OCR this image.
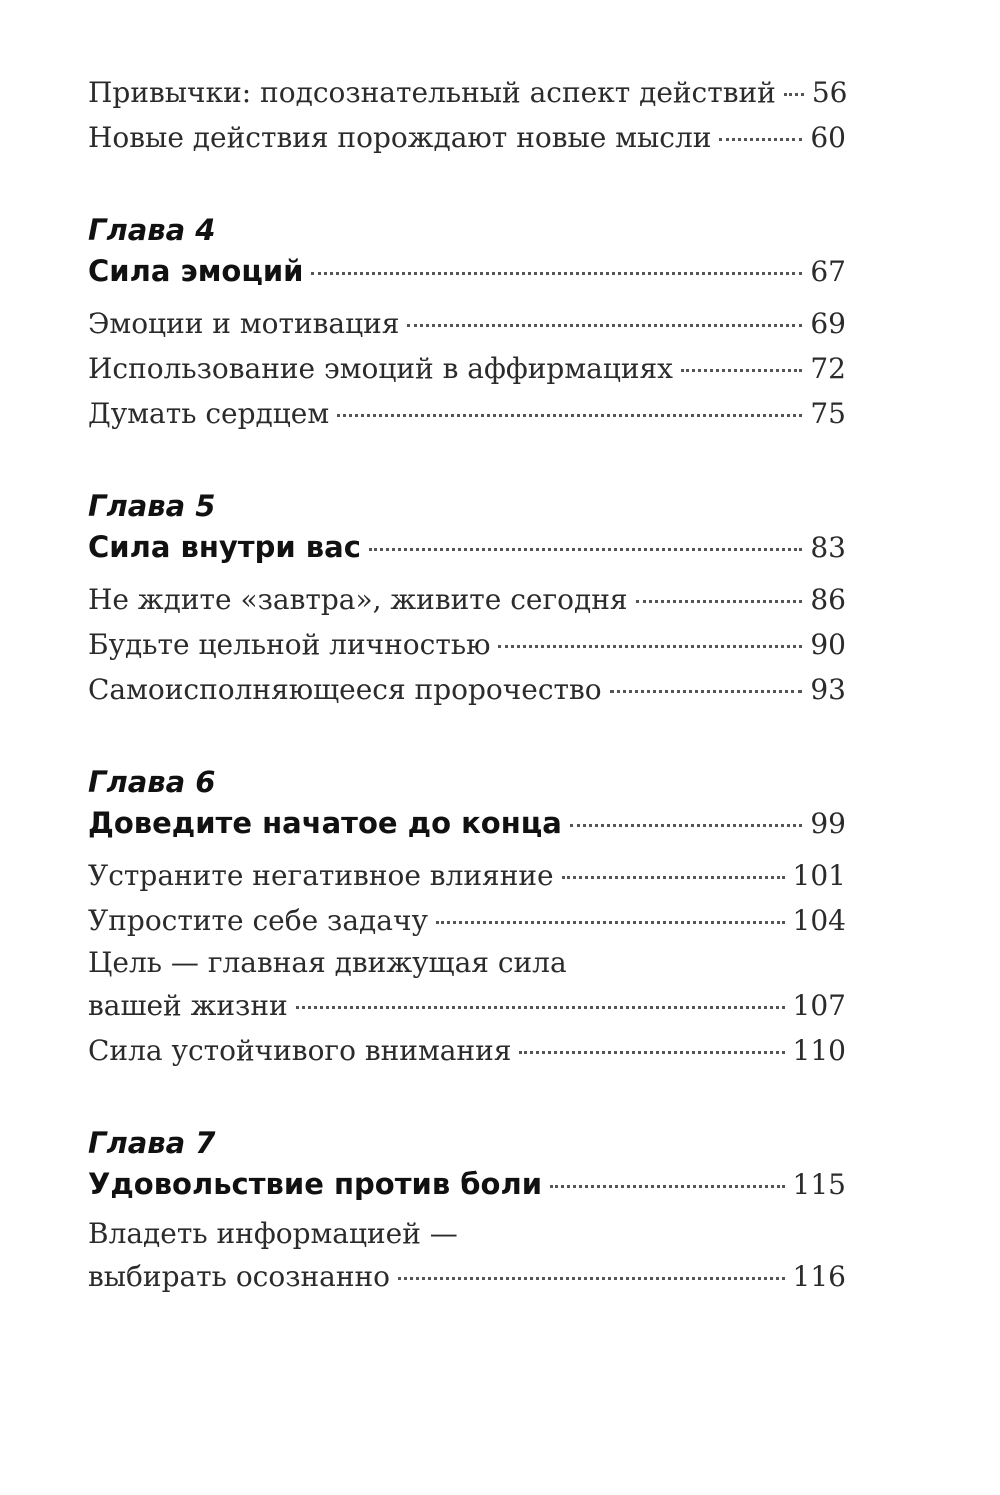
Привычки: подсознательный аспект действий 56
Новые действия порождают новые мысли	60
Глава 4
Сила эмоций	67
Эмоции и мотивация	69
Использование эмоций в аффирмациях	72
Думать сердцем	75
Глава 5
Сила внутри вас	83
Не ждите «завтра», живите сегодня	86
Будьте цельной личностью	90
Самоисполняющееся пророчество	93
Глава 6
Доведите начатое до конца	99
Устраните негативное влияние	101
Упростите себе задачу	104
Цель — главная движущая сила
вашей жизни	107
Сила устойчивого внимания	110
Глава 7
Удовольствие против боли	115
Владеть информацией —
выбирать осознанно	116
